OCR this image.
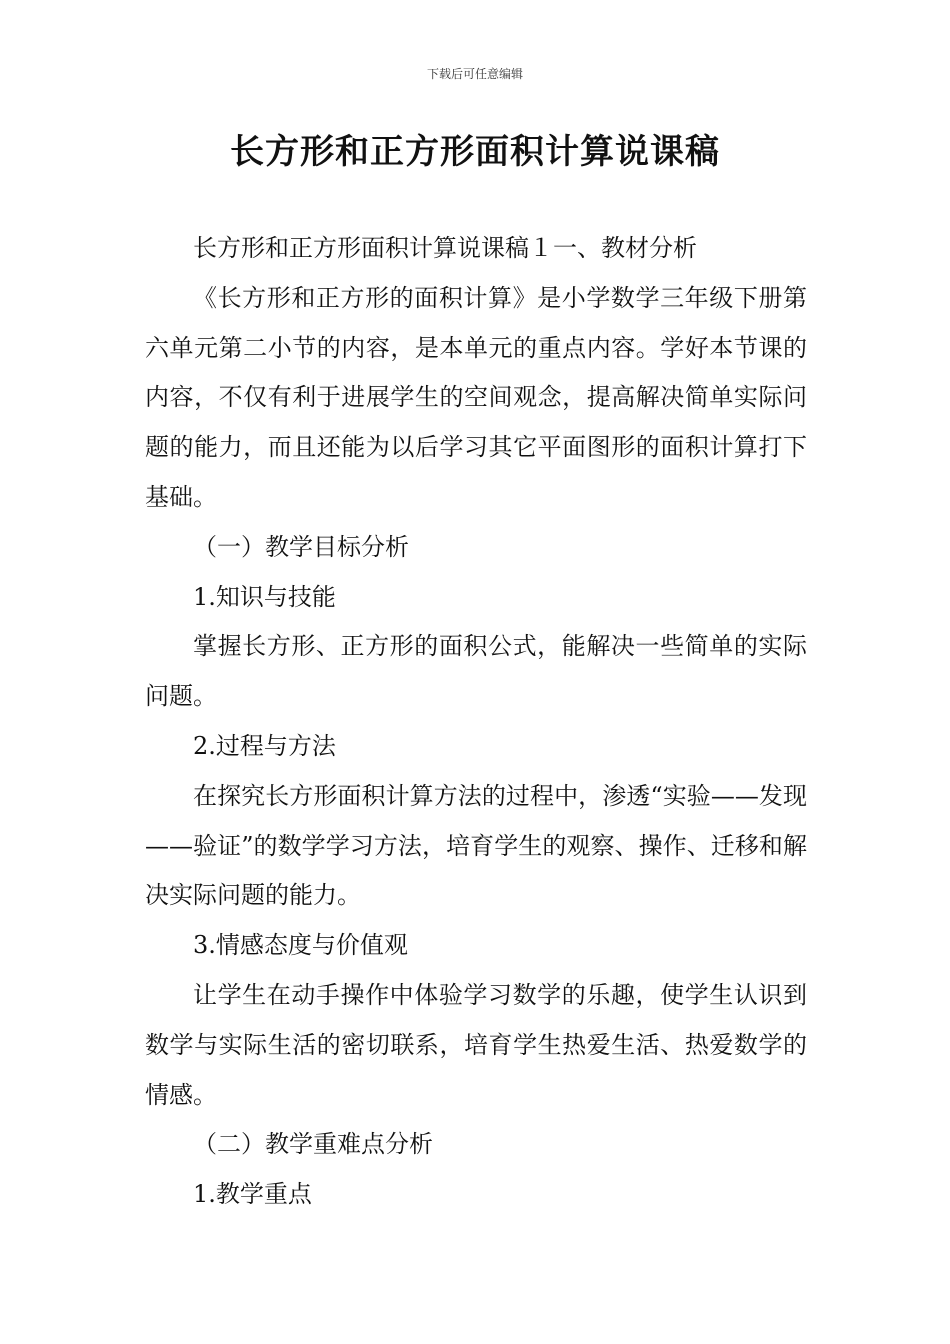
下载后可任意编辑
长方形和正方形面积计算说课稿

长方形和正方形面积计算说课稿１一、教材分析

《长方形和正方形的面积计算》是小学数学三年级下册第六单元第二小节的内容，是本单元的重点内容。学好本节课的内容，不仅有利于进展学生的空间观念，提高解决简单实际问题的能力，而且还能为以后学习其它平面图形的面积计算打下基础。

（一）教学目标分析

1.知识与技能

掌握长方形、正方形的面积公式，能解决一些简单的实际问题。

2.过程与方法

在探究长方形面积计算方法的过程中，渗透“实验——发现——验证”的数学学习方法，培育学生的观察、操作、迁移和解决实际问题的能力。

3.情感态度与价值观

让学生在动手操作中体验学习数学的乐趣，使学生认识到数学与实际生活的密切联系，培育学生热爱生活、热爱数学的情感。

（二）教学重难点分析

1.教学重点
